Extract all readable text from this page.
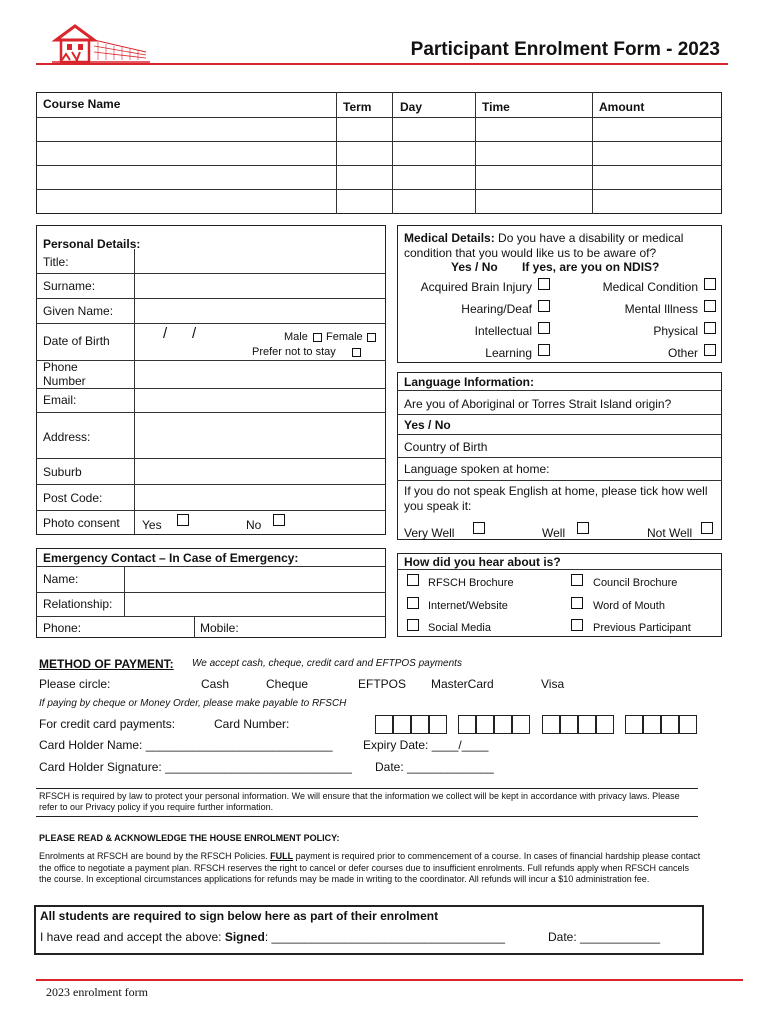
Participant Enrolment Form - 2023
Course Name	Term Day	Time	Amount
Personal Details:
Title:
Surname:
Given Name:
Date of Birth	/ /	Male Female
Prefer not to stay
Phone Number
Email:
Address:
Suburb
Post Code:
Photo consent Yes	No
Medical Details: Do you have a disability or medical condition that you would like us to be aware of?
Yes / No If yes, are you on NDIS?
Acquired Brain Injury
Hearing/Deaf
Intellectual
Learning
Medical Condition
Mental Illness
Physical
Other
Language Information:
Are you of Aboriginal or Torres Strait Island origin?
Yes / No
Country of Birth
Language spoken at home:
If you do not speak English at home, please tick how well you speak it:
Very Well	Well	Not Well
Emergency Contact – In Case of Emergency:
Name:
Relationship:
Phone:	Mobile:
How did you hear about is?
RFSCH Brochure
Internet/Website
Social Media
Council Brochure
Word of Mouth
Previous Participant
METHOD OF PAYMENT: We accept cash, cheque, credit card and EFTPOS payments
Please circle:	Cash	Cheque	EFTPOS MasterCard	Visa
If paying by cheque or Money Order, please make payable to RFSCH
For credit card payments:	Card Number:
Card Holder Name: ____________________________	Expiry Date: ____/____
Card Holder Signature: ____________________________ Date: _____________
RFSCH is required by law to protect your personal information. We will ensure that the information we collect will be kept in accordance with privacy laws. Please refer to our Privacy policy if you require further information.
PLEASE READ & ACKNOWLEDGE THE HOUSE ENROLMENT POLICY:
Enrolments at RFSCH are bound by the RFSCH Policies. FULL payment is required prior to commencement of a course. In cases of financial hardship please contact the office to negotiate a payment plan. RFSCH reserves the right to cancel or defer courses due to insufficient enrolments. Full refunds apply when RFSCH cancels the course. In exceptional circumstances applications for refunds may be made in writing to the coordinator. All refunds will incur a $10 administration fee.
All students are required to sign below here as part of their enrolment
I have read and accept the above: Signed: ___________________________________	Date: ____________
2023 enrolment form
